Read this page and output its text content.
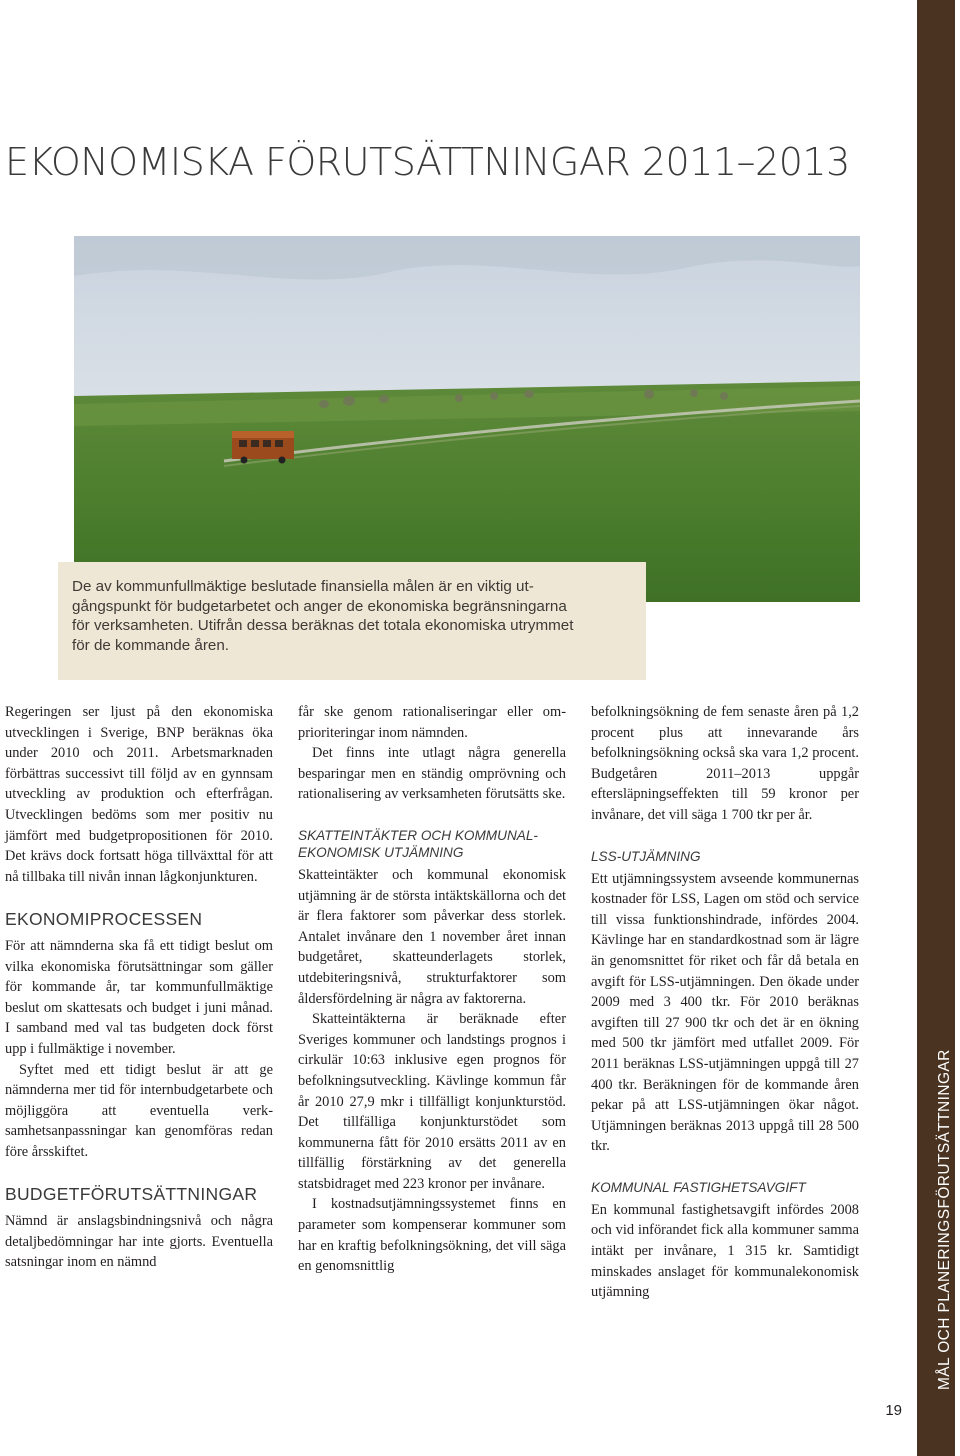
EKONOMISKA FÖRUTSÄTTNINGAR 2011–2013
De av kommunfullmäktige beslutade finansiella målen är en viktig ut-
gångspunkt för budgetarbetet och anger de ekonomiska begränsningarna
för verksamheten. Utifrån dessa beräknas det totala ekonomiska utrymmet
för de kommande åren.

Regeringen ser ljust på den ekonomiska utvecklingen i Sverige, BNP beräknas öka under 2010 och 2011. Arbetsmarknaden förbättras successivt till följd av en gynnsam utveckling av produktion och efterfrågan. Utvecklingen bedöms som mer positiv nu jämfört med budgetpropositionen för 2010. Det krävs dock fortsatt höga tillväxttal för att nå tillbaka till nivån innan lågkonjunkturen.

EKONOMIPROCESSEN

För att nämnderna ska få ett tidigt beslut om vilka ekonomiska förutsättningar som gäller för kommande år, tar kommunfullmäktige beslut om skattesats och budget i juni månad. I samband med val tas budgeten dock först upp i fullmäktige i november.

Syftet med ett tidigt beslut är att ge nämnderna mer tid för internbudgetarbete och möjliggöra att eventuella verksamhetsanpassningar kan genomföras redan före årsskiftet.

BUDGETFÖRUTSÄTTNINGAR

Nämnd är anslagsbindningsnivå och några detaljbedömningar har inte gjorts. Eventuella satsningar inom en nämnd

får ske genom rationaliseringar eller omprioriteringar inom nämnden.

Det finns inte utlagt några generella besparingar men en ständig omprövning och rationalisering av verksamheten förutsätts ske.

SKATTEINTÄKTER OCH KOMMUNAL-
EKONOMISK UTJÄMNING

Skatteintäkter och kommunal ekonomisk utjämning är de största intäktskällorna och det är flera faktorer som påverkar dess storlek. Antalet invånare den 1 november året innan budgetåret, skatteunderlagets storlek, utdebiteringsnivå, strukturfaktorer som åldersfördelning är några av faktorerna.

Skatteintäkterna är beräknade efter Sveriges kommuner och landstings prognos i cirkulär 10:63 inklusive egen prognos för befolkningsutveckling. Kävlinge kommun får år 2010 27,9 mkr i tillfälligt konjunkturstöd. Det tillfälliga konjunkturstödet som kommunerna fått för 2010 ersätts 2011 av en tillfällig förstärkning av det generella statsbidraget med 223 kronor per invånare.

I kostnadsutjämningssystemet finns en parameter som kompenserar kommuner som har en kraftig befolkningsökning, det vill säga en genomsnittlig

befolkningsökning de fem senaste åren på 1,2 procent plus att innevarande års befolkningsökning också ska vara 1,2 procent. Budgetåren 2011–2013 uppgår eftersläpningseffekten till 59 kronor per invånare, det vill säga 1 700 tkr per år.

LSS-UTJÄMNING

Ett utjämningssystem avseende kommunernas kostnader för LSS, Lagen om stöd och service till vissa funktionshindrade, infördes 2004. Kävlinge har en standardkostnad som är lägre än genomsnittet för riket och får då betala en avgift för LSS-utjämningen. Den ökade under 2009 med 3 400 tkr. För 2010 beräknas avgiften till 27 900 tkr och det är en ökning med 500 tkr jämfört med utfallet 2009. För 2011 beräknas LSS-utjämningen uppgå till 27 400 tkr. Beräkningen för de kommande åren pekar på att LSS-utjämningen ökar något. Utjämningen beräknas 2013 uppgå till 28 500 tkr.

KOMMUNAL FASTIGHETSAVGIFT

En kommunal fastighetsavgift infördes 2008 och vid införandet fick alla kommuner samma intäkt per invånare, 1 315 kr. Samtidigt minskades anslaget för kommunalekonomisk utjämning	MÅL OCH PLANERINGSFÖRUTSÄTTNINGAR
19
